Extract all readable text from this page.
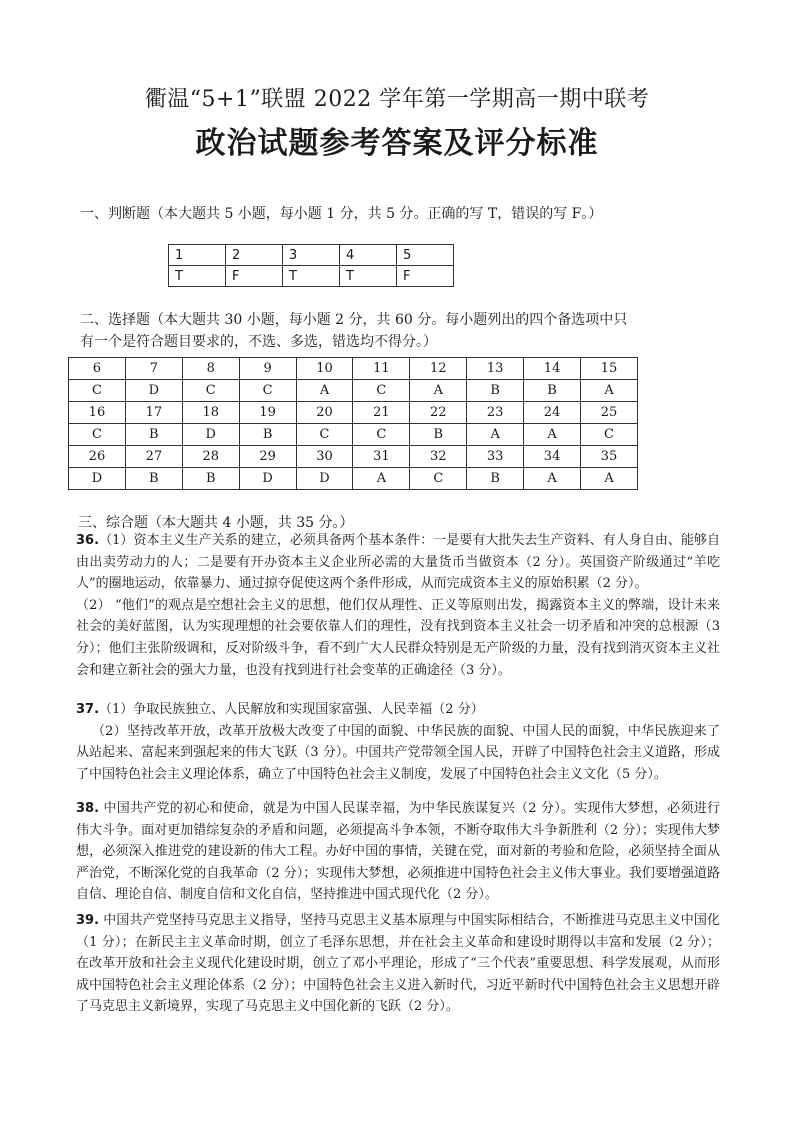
衢温“5+1”联盟 2022 学年第一学期高一期中联考
政治试题参考答案及评分标准
一、判断题（本大题共 5 小题，每小题 1 分，共 5 分。正确的写 T，错误的写 F。）
1	2	3	4	5
T	F	T	T	F
二、选择题（本大题共 30 小题，每小题 2 分，共 60 分。每小题列出的四个备选项中只有一个是符合题目要求的，不选、多选，错选均不得分。）
6	7	8	9	10	11	12	13	14	15
C	D	C	C	A	C	A	B	B	A
16	17	18	19	20	21	22	23	24	25
C	B	D	B	C	C	B	A	A	C
26	27	28	29	30	31	32	33	34	35
D	B	B	D	D	A	C	B	A	A
三、综合题（本大题共 4 小题，共 35 分。）

36.（1）资本主义生产关系的建立，必须具备两个基本条件：一是要有大批失去生产资料、有人身自由、能够自由出卖劳动力的人；二是要有开办资本主义企业所必需的大量货币当做资本（2 分）。英国资产阶级通过“羊吃人”的圈地运动，依靠暴力、通过掠夺促使这两个条件形成，从而完成资本主义的原始积累（2 分）。

（2） “他们”的观点是空想社会主义的思想，他们仅从理性、正义等原则出发，揭露资本主义的弊端，设计未来社会的美好蓝图，认为实现理想的社会要依靠人们的理性，没有找到资本主义社会一切矛盾和冲突的总根源（3 分）；他们主张阶级调和，反对阶级斗争，看不到广大人民群众特别是无产阶级的力量，没有找到消灭资本主义社会和建立新社会的强大力量，也没有找到进行社会变革的正确途径（3 分）。

37.（1）争取民族独立、人民解放和实现国家富强、人民幸福（2 分）

（2）坚持改革开放，改革开放极大改变了中国的面貌、中华民族的面貌、中国人民的面貌，中华民族迎来了从站起来、富起来到强起来的伟大飞跃（3 分）。中国共产党带领全国人民，开辟了中国特色社会主义道路，形成了中国特色社会主义理论体系，确立了中国特色社会主义制度，发展了中国特色社会主义文化（5 分）。

38. 中国共产党的初心和使命，就是为中国人民谋幸福，为中华民族谋复兴（2 分）。实现伟大梦想，必须进行伟大斗争。面对更加错综复杂的矛盾和问题，必须提高斗争本领，不断夺取伟大斗争新胜利（2 分）；实现伟大梦想，必须深入推进党的建设新的伟大工程。办好中国的事情，关键在党，面对新的考验和危险，必须坚持全面从严治党，不断深化党的自我革命（2 分）；实现伟大梦想，必须推进中国特色社会主义伟大事业。我们要增强道路自信、理论自信、制度自信和文化自信，坚持推进中国式现代化（2 分）。

39. 中国共产党坚持马克思主义指导，坚持马克思主义基本原理与中国实际相结合，不断推进马克思主义中国化（1 分）；在新民主主义革命时期，创立了毛泽东思想，并在社会主义革命和建设时期得以丰富和发展（2 分）；在改革开放和社会主义现代化建设时期，创立了邓小平理论，形成了“三个代表”重要思想、科学发展观，从而形成中国特色社会主义理论体系（2 分）；中国特色社会主义进入新时代，习近平新时代中国特色社会主义思想开辟了马克思主义新境界，实现了马克思主义中国化新的飞跃（2 分）。
